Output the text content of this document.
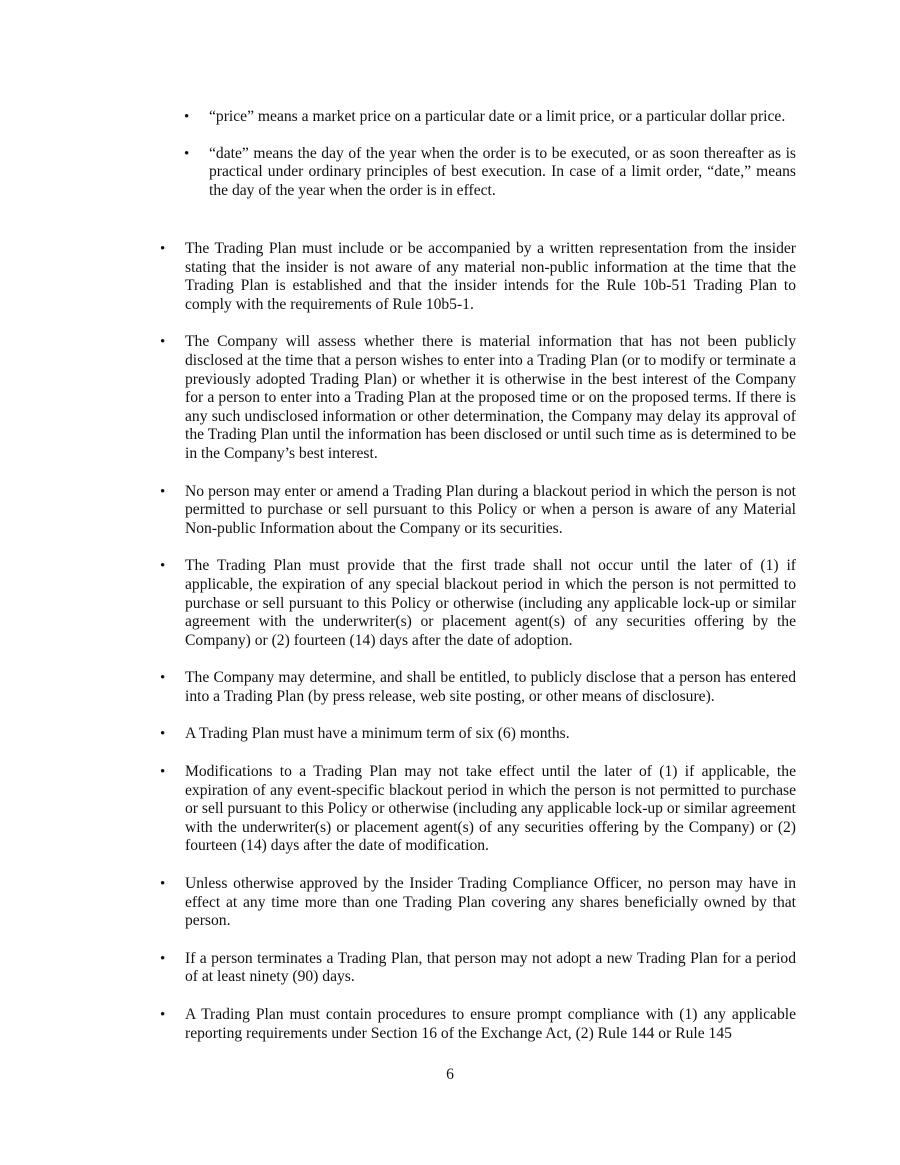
•	“price” means a market price on a particular date or a limit price, or a particular dollar price.
•	“date” means the day of the year when the order is to be executed, or as soon thereafter as is practical under ordinary principles of best execution. In case of a limit order, “date,” means the day of the year when the order is in effect.
•	The Trading Plan must include or be accompanied by a written representation from the insider stating that the insider is not aware of any material non-public information at the time that the Trading Plan is established and that the insider intends for the Rule 10b-51 Trading Plan to comply with the requirements of Rule 10b5-1.
•	The Company will assess whether there is material information that has not been publicly disclosed at the time that a person wishes to enter into a Trading Plan (or to modify or terminate a previously adopted Trading Plan) or whether it is otherwise in the best interest of the Company for a person to enter into a Trading Plan at the proposed time or on the proposed terms. If there is any such undisclosed information or other determination, the Company may delay its approval of the Trading Plan until the information has been disclosed or until such time as is determined to be in the Company’s best interest.
•	No person may enter or amend a Trading Plan during a blackout period in which the person is not permitted to purchase or sell pursuant to this Policy or when a person is aware of any Material Non-public Information about the Company or its securities.
•	The Trading Plan must provide that the first trade shall not occur until the later of (1) if applicable, the expiration of any special blackout period in which the person is not permitted to purchase or sell pursuant to this Policy or otherwise (including any applicable lock-up or similar agreement with the underwriter(s) or placement agent(s) of any securities offering by the Company) or (2) fourteen (14) days after the date of adoption.
•	The Company may determine, and shall be entitled, to publicly disclose that a person has entered into a Trading Plan (by press release, web site posting, or other means of disclosure).
•	A Trading Plan must have a minimum term of six (6) months.
•	Modifications to a Trading Plan may not take effect until the later of (1) if applicable, the expiration of any event-specific blackout period in which the person is not permitted to purchase or sell pursuant to this Policy or otherwise (including any applicable lock-up or similar agreement with the underwriter(s) or placement agent(s) of any securities offering by the Company) or (2) fourteen (14) days after the date of modification.
•	Unless otherwise approved by the Insider Trading Compliance Officer, no person may have in effect at any time more than one Trading Plan covering any shares beneficially owned by that person.
•	If a person terminates a Trading Plan, that person may not adopt a new Trading Plan for a period of at least ninety (90) days.
•	A Trading Plan must contain procedures to ensure prompt compliance with (1) any applicable reporting requirements under Section 16 of the Exchange Act, (2) Rule 144 or Rule 145
6
